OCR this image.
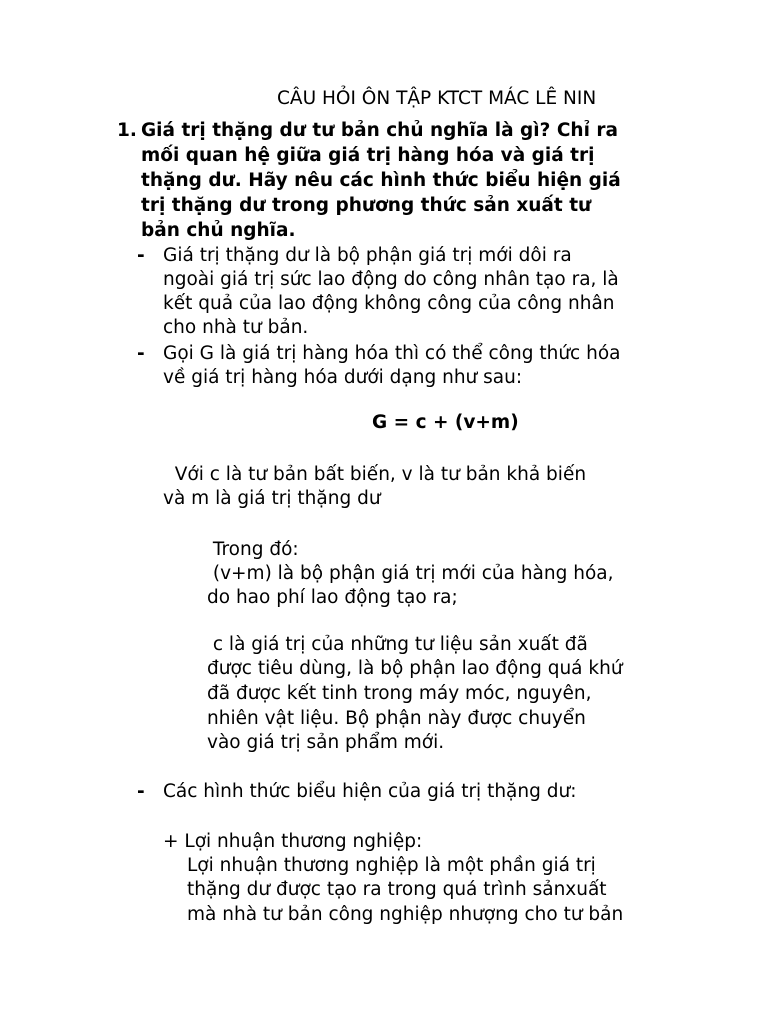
CÂU HỎI ÔN TẬP KTCT MÁC LÊ NIN
1. Giá trị thặng dư tư bản chủ nghĩa là gì? Chỉ ra
mối quan hệ giữa giá trị hàng hóa và giá trị
thặng dư. Hãy nêu các hình thức biểu hiện giá
trị thặng dư trong phương thức sản xuất tư
bản chủ nghĩa.
- Giá trị thặng dư là bộ phận giá trị mới dôi ra
ngoài giá trị sức lao động do công nhân tạo ra, là
kết quả của lao động không công của công nhân
cho nhà tư bản.
- Gọi G là giá trị hàng hóa thì có thể công thức hóa
về giá trị hàng hóa dưới dạng như sau:
G = c + (v+m)
Với c là tư bản bất biến, v là tư bản khả biến
và m là giá trị thặng dư
Trong đó:
(v+m) là bộ phận giá trị mới của hàng hóa,
do hao phí lao động tạo ra;
c là giá trị của những tư liệu sản xuất đã
được tiêu dùng, là bộ phận lao động quá khứ
đã được kết tinh trong máy móc, nguyên,
nhiên vật liệu. Bộ phận này được chuyển
vào giá trị sản phẩm mới.
- Các hình thức biểu hiện của giá trị thặng dư:
+ Lợi nhuận thương nghiệp:
Lợi nhuận thương nghiệp là một phần giá trị
thặng dư được tạo ra trong quá trình sảnxuất
mà nhà tư bản công nghiệp nhượng cho tư bản
